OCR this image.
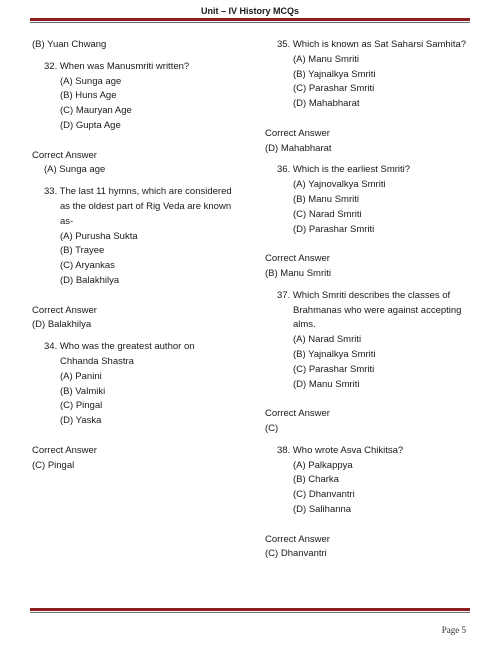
Unit – IV History MCQs
(B) Yuan Chwang
32. When was Manusmriti written?
(A) Sunga age
(B) Huns Age
(C) Mauryan Age
(D) Gupta Age
Correct Answer
(A) Sunga age
33. The last 11 hymns, which are considered
as the oldest part of Rig Veda are known
as-
(A) Purusha Sukta
(B) Trayee
(C) Aryankas
(D) Balakhilya
Correct Answer
(D) Balakhilya
34. Who was the greatest author on
Chhanda Shastra
(A) Panini
(B) Valmiki
(C) Pingal
(D) Yaska
Correct Answer
(C) Pingal
35. Which is known as Sat Saharsi Samhita?
(A) Manu Smriti
(B) Yajnalkya Smriti
(C) Parashar Smriti
(D) Mahabharat
Correct Answer
(D) Mahabharat
36. Which is the earliest Smriti?
(A) Yajnovalkya Smriti
(B) Manu Smriti
(C) Narad Smriti
(D) Parashar Smriti
Correct Answer
(B) Manu Smriti
37. Which Smriti describes the classes of
Brahmanas who were against accepting
alms.
(A) Narad Smriti
(B) Yajnalkya Smriti
(C) Parashar Smriti
(D) Manu Smriti
Correct Answer
(C)
38. Who wrote Asva Chikitsa?
(A) Palkappya
(B) Charka
(C) Dhanvantri
(D) Salihanna
Correct Answer
(C) Dhanvantri
Page 5
